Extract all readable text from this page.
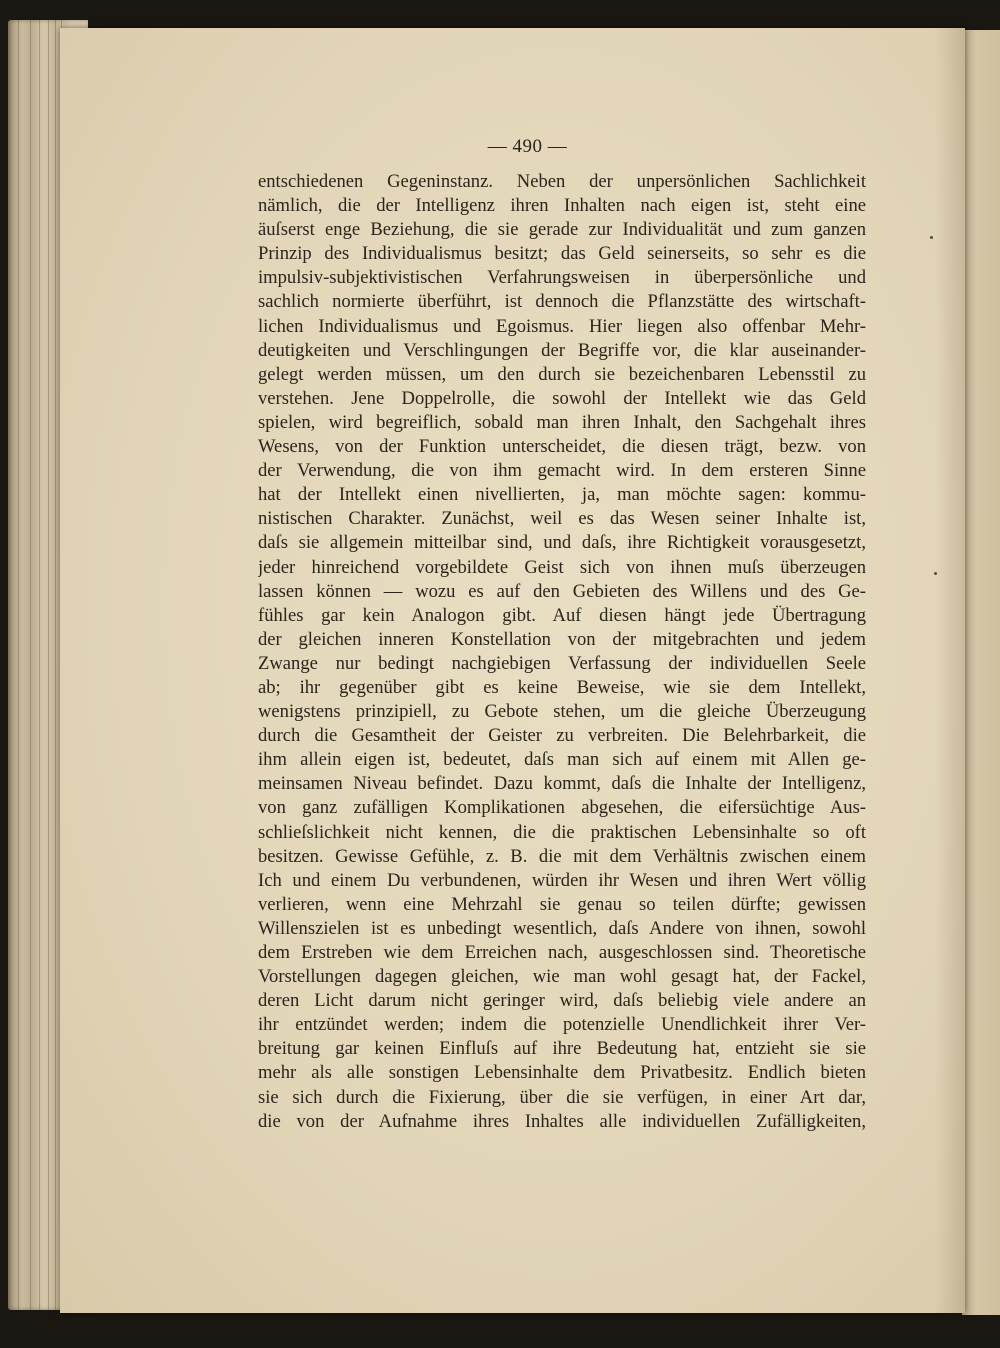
— 490 —
entschiedenen Gegeninstanz. Neben der unpersönlichen Sachlichkeit
nämlich, die der Intelligenz ihren Inhalten nach eigen ist, steht eine
äuſserst enge Beziehung, die sie gerade zur Individualität und zum ganzen
Prinzip des Individualismus besitzt; das Geld seinerseits, so sehr es die
impulsiv-subjektivistischen Verfahrungsweisen in überpersönliche und
sachlich normierte überführt, ist dennoch die Pflanzstätte des wirtschaft-
lichen Individualismus und Egoismus. Hier liegen also offenbar Mehr-
deutigkeiten und Verschlingungen der Begriffe vor, die klar auseinander-
gelegt werden müssen, um den durch sie bezeichenbaren Lebensstil zu
verstehen. Jene Doppelrolle, die sowohl der Intellekt wie das Geld
spielen, wird begreiflich, sobald man ihren Inhalt, den Sachgehalt ihres
Wesens, von der Funktion unterscheidet, die diesen trägt, bezw. von
der Verwendung, die von ihm gemacht wird. In dem ersteren Sinne
hat der Intellekt einen nivellierten, ja, man möchte sagen: kommu-
nistischen Charakter. Zunächst, weil es das Wesen seiner Inhalte ist,
daſs sie allgemein mitteilbar sind, und daſs, ihre Richtigkeit vorausgesetzt,
jeder hinreichend vorgebildete Geist sich von ihnen muſs überzeugen
lassen können — wozu es auf den Gebieten des Willens und des Ge-
fühles gar kein Analogon gibt. Auf diesen hängt jede Übertragung
der gleichen inneren Konstellation von der mitgebrachten und jedem
Zwange nur bedingt nachgiebigen Verfassung der individuellen Seele
ab; ihr gegenüber gibt es keine Beweise, wie sie dem Intellekt,
wenigstens prinzipiell, zu Gebote stehen, um die gleiche Überzeugung
durch die Gesamtheit der Geister zu verbreiten. Die Belehrbarkeit, die
ihm allein eigen ist, bedeutet, daſs man sich auf einem mit Allen ge-
meinsamen Niveau befindet. Dazu kommt, daſs die Inhalte der Intelligenz,
von ganz zufälligen Komplikationen abgesehen, die eifersüchtige Aus-
schlieſslichkeit nicht kennen, die die praktischen Lebensinhalte so oft
besitzen. Gewisse Gefühle, z. B. die mit dem Verhältnis zwischen einem
Ich und einem Du verbundenen, würden ihr Wesen und ihren Wert völlig
verlieren, wenn eine Mehrzahl sie genau so teilen dürfte; gewissen
Willenszielen ist es unbedingt wesentlich, daſs Andere von ihnen, sowohl
dem Erstreben wie dem Erreichen nach, ausgeschlossen sind. Theoretische
Vorstellungen dagegen gleichen, wie man wohl gesagt hat, der Fackel,
deren Licht darum nicht geringer wird, daſs beliebig viele andere an
ihr entzündet werden; indem die potenzielle Unendlichkeit ihrer Ver-
breitung gar keinen Einfluſs auf ihre Bedeutung hat, entzieht sie sie
mehr als alle sonstigen Lebensinhalte dem Privatbesitz. Endlich bieten
sie sich durch die Fixierung, über die sie verfügen, in einer Art dar,
die von der Aufnahme ihres Inhaltes alle individuellen Zufälligkeiten,
